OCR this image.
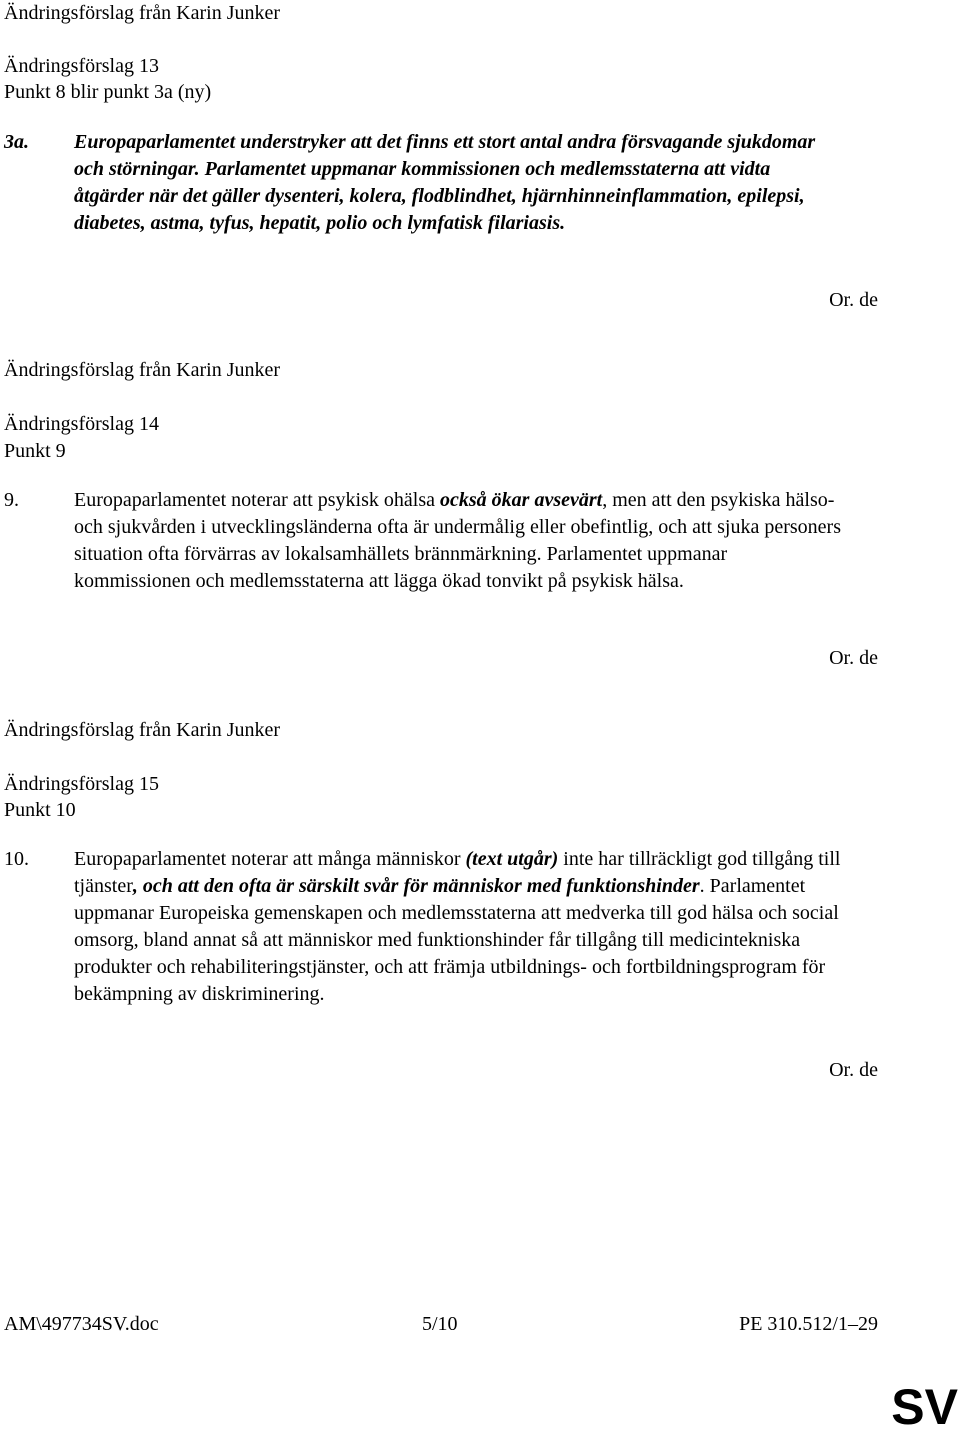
Ändringsförslag från Karin Junker
Ändringsförslag 13
Punkt 8 blir punkt 3a (ny)
3a.	Europaparlamentet understryker att det finns ett stort antal andra försvagande sjukdomar och störningar. Parlamentet uppmanar kommissionen och medlemsstaterna att vidta åtgärder när det gäller dysenteri, kolera, flodblindhet, hjärnhinneinflammation, epilepsi, diabetes, astma, tyfus, hepatit, polio och lymfatisk filariasis.
Or. de
Ändringsförslag från Karin Junker
Ändringsförslag 14
Punkt 9
9.	Europaparlamentet noterar att psykisk ohälsa också ökar avsevärt, men att den psykiska hälso- och sjukvården i utvecklingsländerna ofta är undermålig eller obefintlig, och att sjuka personers situation ofta förvärras av lokalsamhällets brännmärkning. Parlamentet uppmanar kommissionen och medlemsstaterna att lägga ökad tonvikt på psykisk hälsa.
Or. de
Ändringsförslag från Karin Junker
Ändringsförslag 15
Punkt 10
10.	Europaparlamentet noterar att många människor (text utgår) inte har tillräckligt god tillgång till tjänster, och att den ofta är särskilt svår för människor med funktionshinder. Parlamentet uppmanar Europeiska gemenskapen och medlemsstaterna att medverka till god hälsa och social omsorg, bland annat så att människor med funktionshinder får tillgång till medicintekniska produkter och rehabiliteringstjänster, och att främja utbildnings- och fortbildningsprogram för bekämpning av diskriminering.
Or. de
AM\497734SV.doc	5/10	PE 310.512/1–29
SV
